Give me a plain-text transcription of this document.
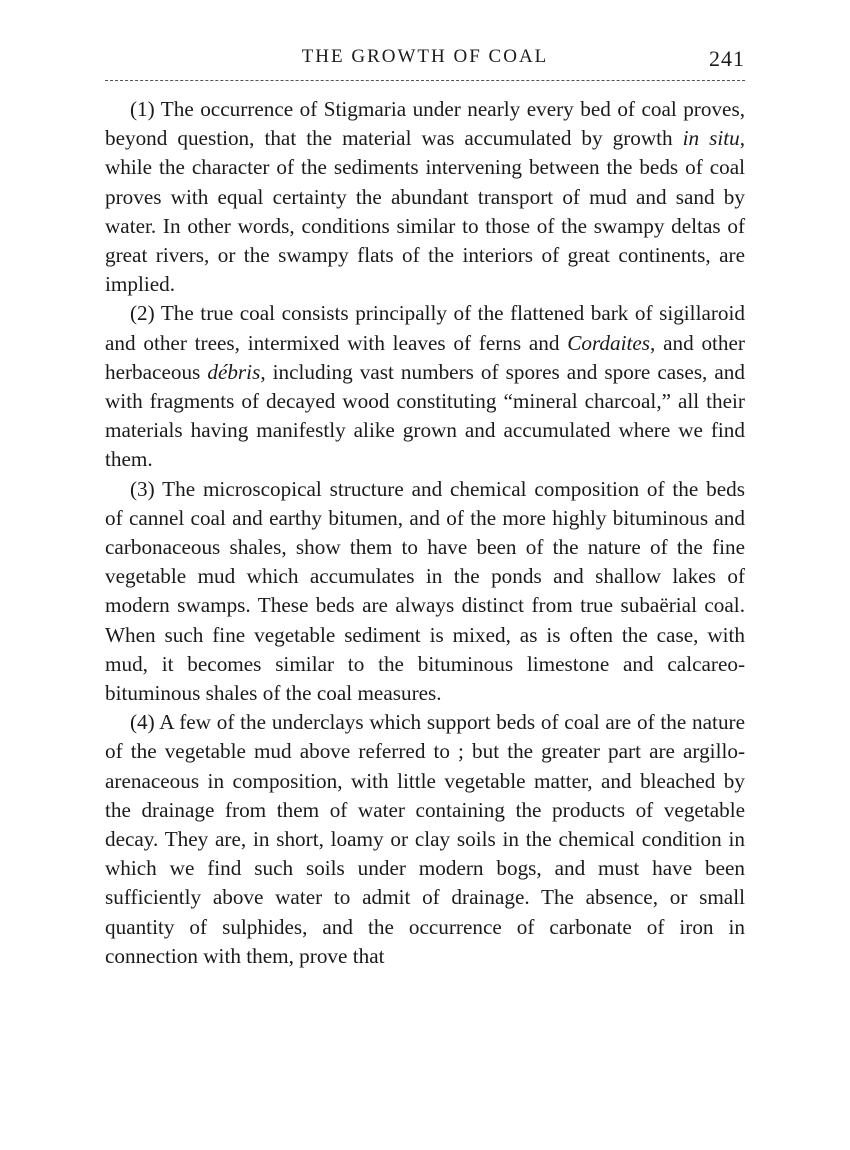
THE GROWTH OF COAL	241

(1) The occurrence of Stigmaria under nearly every bed of coal proves, beyond question, that the material was accumulated by growth in situ, while the character of the sediments intervening between the beds of coal proves with equal certainty the abundant transport of mud and sand by water. In other words, conditions similar to those of the swampy deltas of great rivers, or the swampy flats of the interiors of great continents, are implied.

(2) The true coal consists principally of the flattened bark of sigillaroid and other trees, intermixed with leaves of ferns and Cordaites, and other herbaceous débris, including vast numbers of spores and spore cases, and with fragments of decayed wood constituting “mineral charcoal,” all their materials having manifestly alike grown and accumulated where we find them.

(3) The microscopical structure and chemical composition of the beds of cannel coal and earthy bitumen, and of the more highly bituminous and carbonaceous shales, show them to have been of the nature of the fine vegetable mud which accumulates in the ponds and shallow lakes of modern swamps. These beds are always distinct from true subaërial coal. When such fine vegetable sediment is mixed, as is often the case, with mud, it becomes similar to the bituminous limestone and calcareo-bituminous shales of the coal measures.

(4) A few of the underclays which support beds of coal are of the nature of the vegetable mud above referred to ; but the greater part are argillo-arenaceous in composition, with little vegetable matter, and bleached by the drainage from them of water containing the products of vegetable decay. They are, in short, loamy or clay soils in the chemical condition in which we find such soils under modern bogs, and must have been sufficiently above water to admit of drainage. The absence, or small quantity of sulphides, and the occurrence of carbonate of iron in connection with them, prove that
